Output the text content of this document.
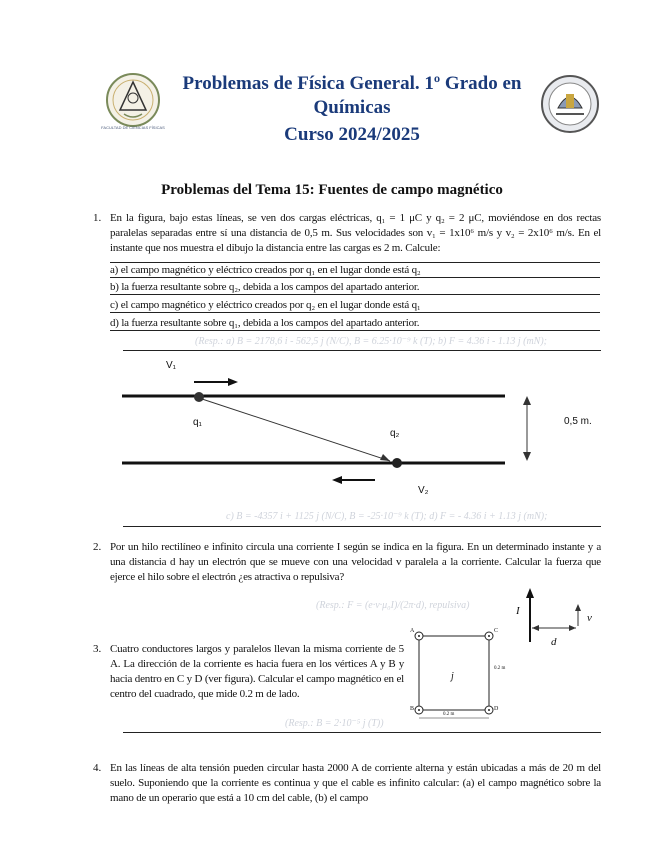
FACULTAD DE CIENCIAS FÍSICAS
Problemas de Física General. 1º Grado en
Químicas
Curso 2024/2025
Problemas del Tema 15: Fuentes de campo magnético
1. En la figura, bajo estas líneas, se ven dos cargas eléctricas, q₁ = 1 μC y q₂ = 2 μC, moviéndose en dos rectas paralelas separadas entre sí una distancia de 0,5 m. Sus velocidades son v₁ = 1x10⁶ m/s y v₂ = 2x10⁶ m/s. En el instante que nos muestra el dibujo la distancia entre las cargas es 2 m. Calcule:
a) el campo magnético y eléctrico creados por q₁ en el lugar donde está q₂
b) la fuerza resultante sobre q₂, debida a los campos del apartado anterior.
c) el campo magnético y eléctrico creados por q₂ en el lugar donde está q₁
d) la fuerza resultante sobre q₁, debida a los campos del apartado anterior.
(Resp.: a) B = 2178,6 i - 562,5 j (N/C), B = 6.25·10⁻⁹ k (T); b) F = 4.36 i - 1.13 j (mN);
V₁
q₁
q₂
V₂
0,5 m.
c) B = -4357 i + 1125 j (N/C), B = -25·10⁻⁹ k (T); d) F = - 4.36 i + 1.13 j (mN);
2. Por un hilo rectilíneo e infinito circula una corriente I según se indica en la figura. En un determinado instante y a una distancia d hay un electrón que se mueve con una velocidad v paralela a la corriente. Calcular la fuerza que ejerce el hilo sobre el electrón ¿es atractiva o repulsiva?
(Resp.: F = (e·v·μ₀I)/(2π·d), repulsiva)	I
v
d
3. Cuatro conductores largos y paralelos llevan la misma corriente de 5 A. La dirección de la corriente es hacia fuera en los vértices A y B y hacia dentro en C y D (ver figura). Calcular el campo magnético en el centro del cuadrado, que mide 0.2 m de lado.
A	C
B	D
j
0.2 m
0.2 m
(Resp.: B = 2·10⁻⁵ j (T))
4. En las líneas de alta tensión pueden circular hasta 2000 A de corriente alterna y están ubicadas a más de 20 m del suelo. Suponiendo que la corriente es continua y que el cable es infinito calcular: (a) el campo magnético sobre la mano de un operario que está a 10 cm del cable, (b) el campo
